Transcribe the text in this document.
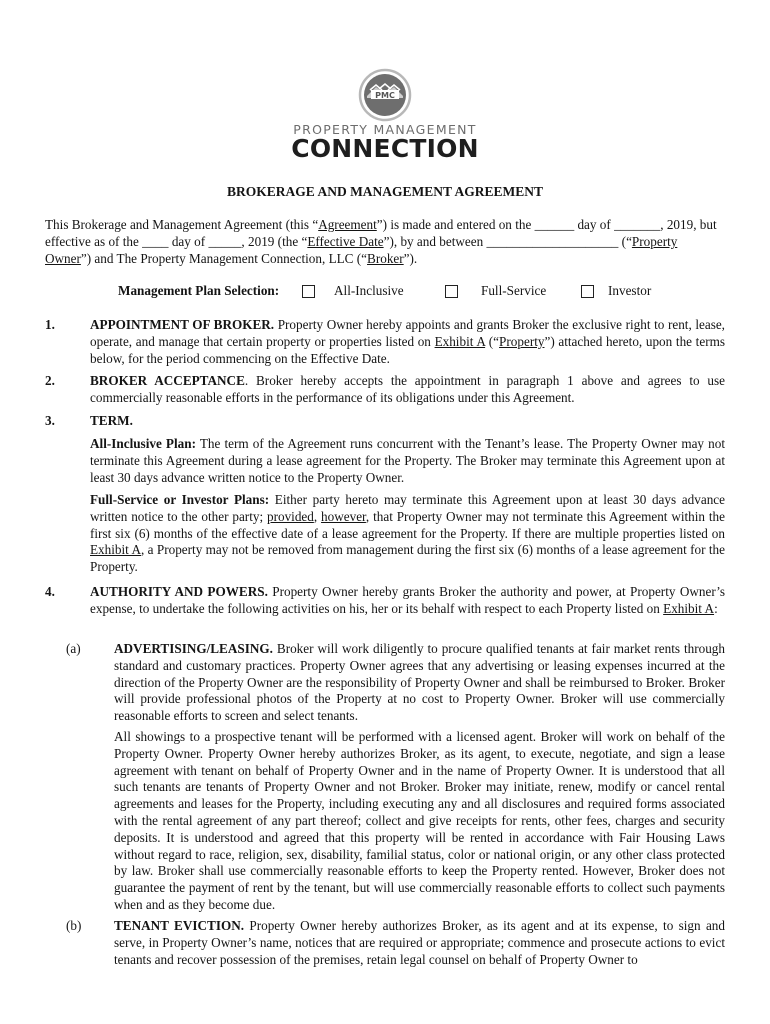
PMC
PROPERTY MANAGEMENT
CONNECTION
BROKERAGE AND MANAGEMENT AGREEMENT

This Brokerage and Management Agreement (this “Agreement”) is made and entered on the ______ day of _______, 2019, but effective as of the ____ day of _____, 2019 (the “Effective Date”), by and between ____________________ (“Property Owner”) and The Property Management Connection, LLC (“Broker”).

Management Plan Selection:	All-Inclusive	Full-Service	Investor
1.	APPOINTMENT OF BROKER. Property Owner hereby appoints and grants Broker the exclusive right to rent, lease, operate, and manage that certain property or properties listed on Exhibit A (“Property”) attached hereto, upon the terms below, for the period commencing on the Effective Date.

2.	BROKER ACCEPTANCE. Broker hereby accepts the appointment in paragraph 1 above and agrees to use commercially reasonable efforts in the performance of its obligations under this Agreement.

3.	TERM.

All-Inclusive Plan: The term of the Agreement runs concurrent with the Tenant’s lease. The Property Owner may not terminate this Agreement during a lease agreement for the Property. The Broker may terminate this Agreement upon at least 30 days advance written notice to the Property Owner.

Full-Service or Investor Plans: Either party hereto may terminate this Agreement upon at least 30 days advance written notice to the other party; provided, however, that Property Owner may not terminate this Agreement within the first six (6) months of the effective date of a lease agreement for the Property. If there are multiple properties listed on Exhibit A, a Property may not be removed from management during the first six (6) months of a lease agreement for the Property.

4.	AUTHORITY AND POWERS. Property Owner hereby grants Broker the authority and power, at Property Owner’s expense, to undertake the following activities on his, her or its behalf with respect to each Property listed on Exhibit A:

(a)	ADVERTISING/LEASING. Broker will work diligently to procure qualified tenants at fair market rents through standard and customary practices. Property Owner agrees that any advertising or leasing expenses incurred at the direction of the Property Owner are the responsibility of Property Owner and shall be reimbursed to Broker. Broker will provide professional photos of the Property at no cost to Property Owner. Broker will use commercially reasonable efforts to screen and select tenants.

All showings to a prospective tenant will be performed with a licensed agent. Broker will work on behalf of the Property Owner. Property Owner hereby authorizes Broker, as its agent, to execute, negotiate, and sign a lease agreement with tenant on behalf of Property Owner and in the name of Property Owner. It is understood that all such tenants are tenants of Property Owner and not Broker. Broker may initiate, renew, modify or cancel rental agreements and leases for the Property, including executing any and all disclosures and required forms associated with the rental agreement of any part thereof; collect and give receipts for rents, other fees, charges and security deposits. It is understood and agreed that this property will be rented in accordance with Fair Housing Laws without regard to race, religion, sex, disability, familial status, color or national origin, or any other class protected by law. Broker shall use commercially reasonable efforts to keep the Property rented. However, Broker does not guarantee the payment of rent by the tenant, but will use commercially reasonable efforts to collect such payments when and as they become due.

(b) TENANT EVICTION. Property Owner hereby authorizes Broker, as its agent and at its expense, to sign and serve, in Property Owner’s name, notices that are required or appropriate; commence and prosecute actions to evict tenants and recover possession of the premises, retain legal counsel on behalf of Property Owner to
